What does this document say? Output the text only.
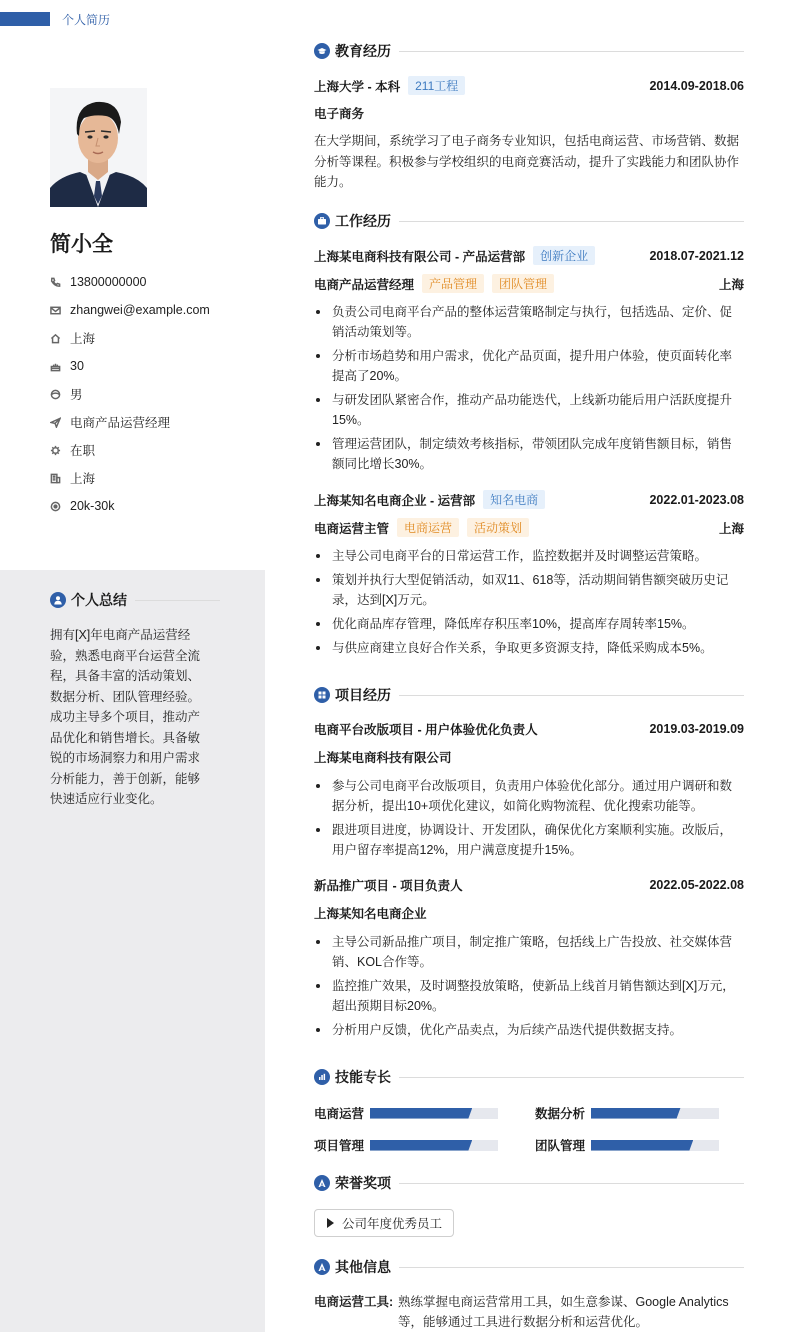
个人简历
简小全
13800000000
zhangwei@example.com
上海
30
男
电商产品运营经理
在职
上海
20k-30k
个人总结
拥有[X]年电商产品运营经验，熟悉电商平台运营全流程，具备丰富的活动策划、数据分析、团队管理经验。成功主导多个项目，推动产品优化和销售增长。具备敏锐的市场洞察力和用户需求分析能力，善于创新，能够快速适应行业变化。
教育经历
上海大学 - 本科	211工程	2014.09-2018.06
电子商务
在大学期间，系统学习了电子商务专业知识，包括电商运营、市场营销、数据分析等课程。积极参与学校组织的电商竞赛活动，提升了实践能力和团队协作能力。
工作经历
上海某电商科技有限公司 - 产品运营部	创新企业	2018.07-2021.12
电商产品运营经理	产品管理	团队管理	上海
负责公司电商平台产品的整体运营策略制定与执行，包括选品、定价、促销活动策划等。
分析市场趋势和用户需求，优化产品页面，提升用户体验，使页面转化率提高了20%。
与研发团队紧密合作，推动产品功能迭代，上线新功能后用户活跃度提升15%。
管理运营团队，制定绩效考核指标，带领团队完成年度销售额目标，销售额同比增长30%。
上海某知名电商企业 - 运营部	知名电商	2022.01-2023.08
电商运营主管	电商运营	活动策划	上海
主导公司电商平台的日常运营工作，监控数据并及时调整运营策略。
策划并执行大型促销活动，如双11、618等，活动期间销售额突破历史记录，达到[X]万元。
优化商品库存管理，降低库存积压率10%，提高库存周转率15%。
与供应商建立良好合作关系，争取更多资源支持，降低采购成本5%。
项目经历
电商平台改版项目 - 用户体验优化负责人	2019.03-2019.09
上海某电商科技有限公司
参与公司电商平台改版项目，负责用户体验优化部分。通过用户调研和数据分析，提出10+项优化建议，如简化购物流程、优化搜索功能等。
跟进项目进度，协调设计、开发团队，确保优化方案顺利实施。改版后，用户留存率提高12%，用户满意度提升15%。
新品推广项目 - 项目负责人	2022.05-2022.08
上海某知名电商企业
主导公司新品推广项目，制定推广策略，包括线上广告投放、社交媒体营销、KOL合作等。
监控推广效果，及时调整投放策略，使新品上线首月销售额达到[X]万元，超出预期目标20%。
分析用户反馈，优化产品卖点，为后续产品迭代提供数据支持。
技能专长
电商运营	数据分析
项目管理	团队管理
荣誉奖项
公司年度优秀员工
其他信息
电商运营工具: 熟练掌握电商运营常用工具，如生意参谋、Google Analytics等，能够通过工具进行数据分析和运营优化。
